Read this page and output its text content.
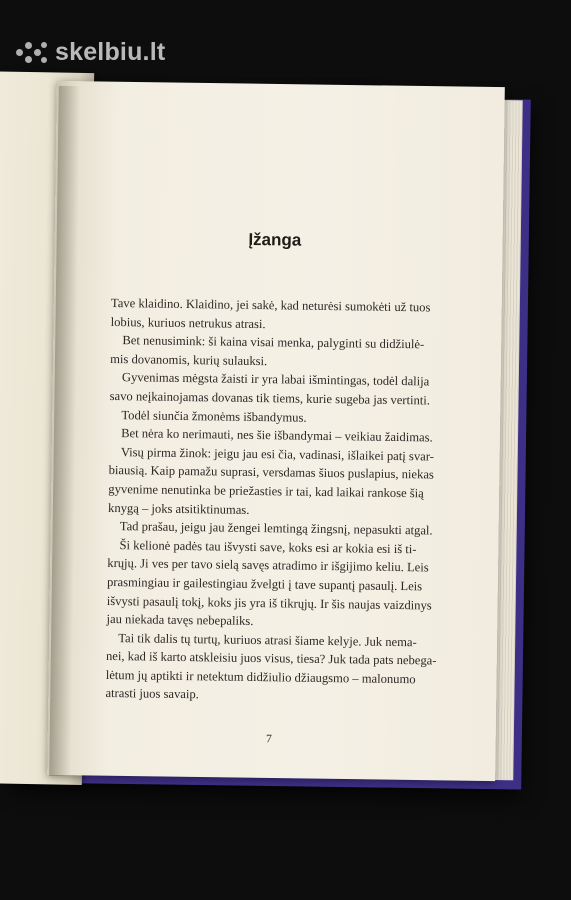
Įžanga
Tave klaidino. Klaidino, jei sakė, kad neturėsi sumokėti už tuos
lobius, kuriuos netrukus atrasi.
Bet nenusimink: ši kaina visai menka, palyginti su didžiulė-
mis dovanomis, kurių sulauksi.
Gyvenimas mėgsta žaisti ir yra labai išmintingas, todėl dalija
savo neįkainojamas dovanas tik tiems, kurie sugeba jas vertinti.
Todėl siunčia žmonėms išbandymus.
Bet nėra ko nerimauti, nes šie išbandymai – veikiau žaidimas.
Visų pirma žinok: jeigu jau esi čia, vadinasi, išlaikei patį svar-
biausią. Kaip pamažu suprasi, versdamas šiuos puslapius, niekas
gyvenime nenutinka be priežasties ir tai, kad laikai rankose šią
knygą – joks atsitiktinumas.
Tad prašau, jeigu jau žengei lemtingą žingsnį, nepasukti atgal.
Ši kelionė padės tau išvysti save, koks esi ar kokia esi iš ti-
krųjų. Ji ves per tavo sielą savęs atradimo ir išgijimo keliu. Leis
prasmingiau ir gailestingiau žvelgti į tave supantį pasaulį. Leis
išvysti pasaulį tokį, koks jis yra iš tikrųjų. Ir šis naujas vaizdinys
jau niekada tavęs nebepaliks.
Tai tik dalis tų turtų, kuriuos atrasi šiame kelyje. Juk nema-
nei, kad iš karto atskleisiu juos visus, tiesa? Juk tada pats nebega-
lėtum jų aptikti ir netektum didžiulio džiaugsmo – malonumo
atrasti juos savaip.
7
skelbiu.lt
